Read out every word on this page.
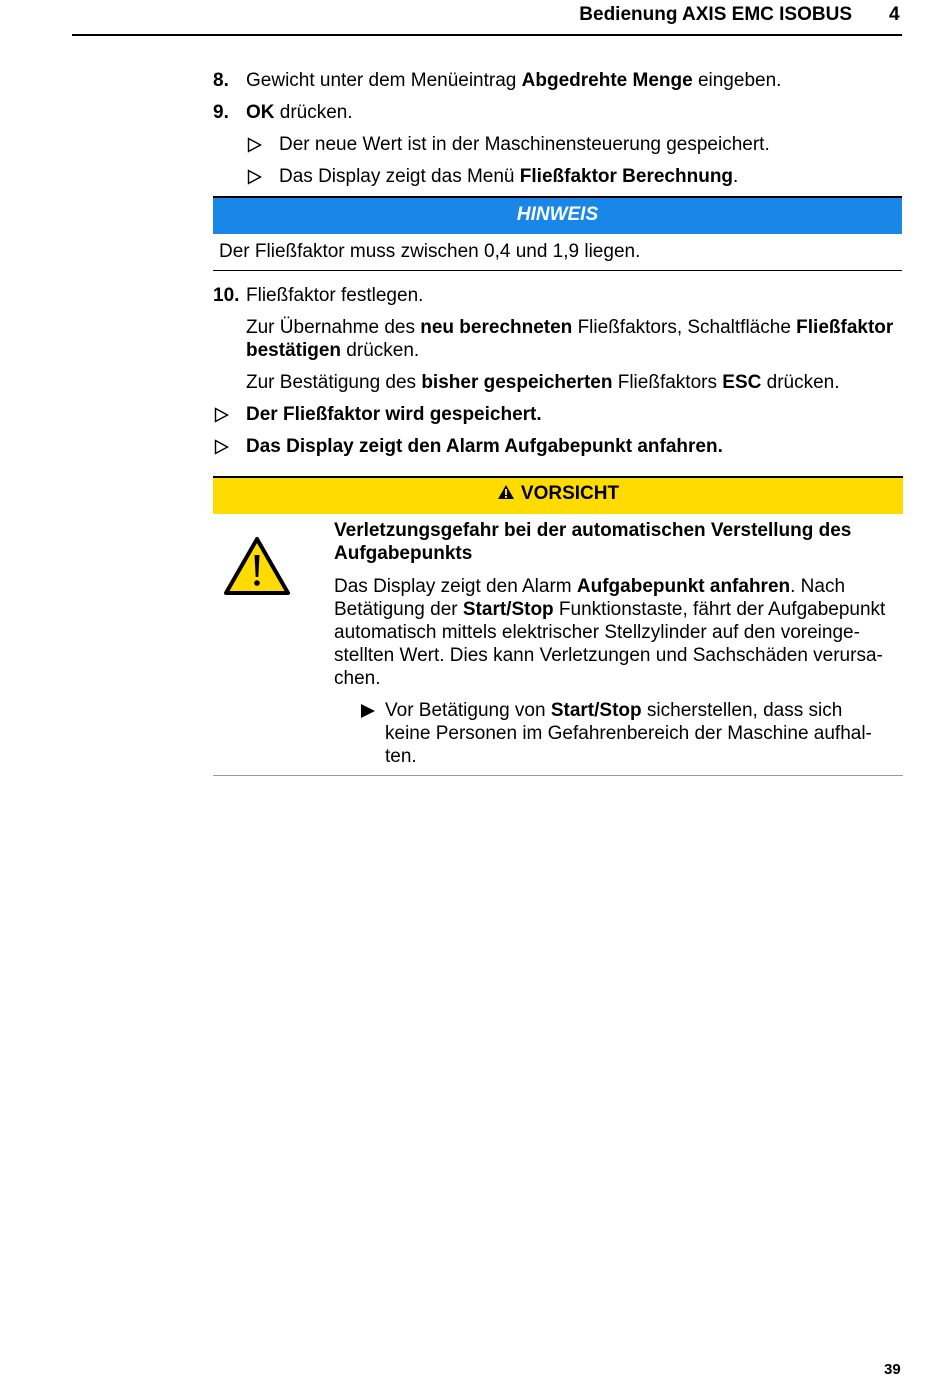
Bedienung AXIS EMC ISOBUS 4
8. Gewicht unter dem Menüeintrag Abgedrehte Menge eingeben.
9. OK drücken.
Der neue Wert ist in der Maschinensteuerung gespeichert.
Das Display zeigt das Menü Fließfaktor Berechnung.
HINWEIS
Der Fließfaktor muss zwischen 0,4 und 1,9 liegen.
10. Fließfaktor festlegen.
Zur Übernahme des neu berechneten Fließfaktors, Schaltfläche Fließfaktor
bestätigen drücken.
Zur Bestätigung des bisher gespeicherten Fließfaktors ESC drücken.
Der Fließfaktor wird gespeichert.
Das Display zeigt den Alarm Aufgabepunkt anfahren.
VORSICHT
Verletzungsgefahr bei der automatischen Verstellung des
Aufgabepunkts
Das Display zeigt den Alarm Aufgabepunkt anfahren. Nach
Betätigung der Start/Stop Funktionstaste, fährt der Aufgabepunkt
automatisch mittels elektrischer Stellzylinder auf den voreinge-
stellten Wert. Dies kann Verletzungen und Sachschäden verursa-
chen.
Vor Betätigung von Start/Stop sicherstellen, dass sich
keine Personen im Gefahrenbereich der Maschine aufhal-
ten.
39
